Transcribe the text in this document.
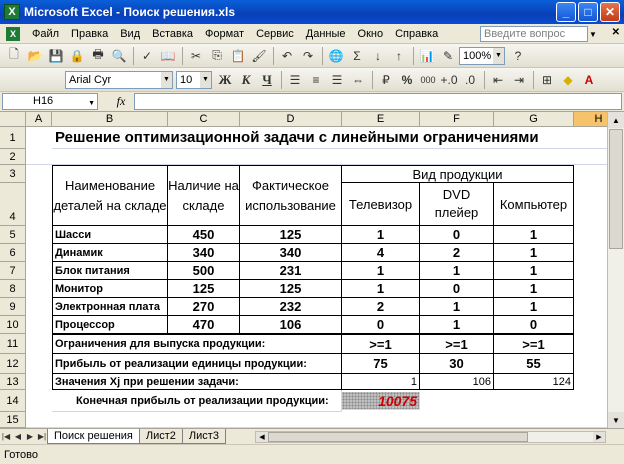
X Microsoft Excel - Поиск решения.xls	_	□	✕
X	Файл	Правка	Вид	Вставка	Формат	Сервис	Данные	Окно	Справка	Введите вопрос	▼ ✕
🗋 📂 💾 🔒 🖶 🔍	✓ 📖	✂ ⎘ 📋 🖌	↶ ↷	🌐 Σ	↓	↑	📊 ✎ 100% ▼	?
Arial Cyr	▼ 10 ▼ Ж К Ч	☰	≡	☰ ⇔	₽ % 000 +.0 .0	⇤ ⇥	⊞ ◆	A
H16	▼	fx
A	B	C	D	E	F	G	H
1
2
3
4
5
6
7
8
9
10
11
12
13
14
15
Решение оптимизационной задачи с линейными ограничениями
Наименование деталей на складе
Наличие на складе
Фактическое использование
Вид продукции
Телевизор
DVD плейер
Компьютер
Ограничения для выпуска продукции:	>=1	>=1	>=1
Прибыль от реализации единицы продукции:	75	30	55
Значения Xj при решении задачи:	1	106	124
Конечная прибыль от реализации продукции:	10075
Шасси	450	125	1	0	1
Динамик	340	340	4	2	1
Блок питания	500	231	1	1	1
Монитор	125	125	1	0	1
Электронная плата	270	232	2	1	1
Процессор	470	106	0	1	0
▲
▼
|◀ ◀ ▶ ▶| Поиск решения	Лист2	Лист3	◀	▶
Готово
